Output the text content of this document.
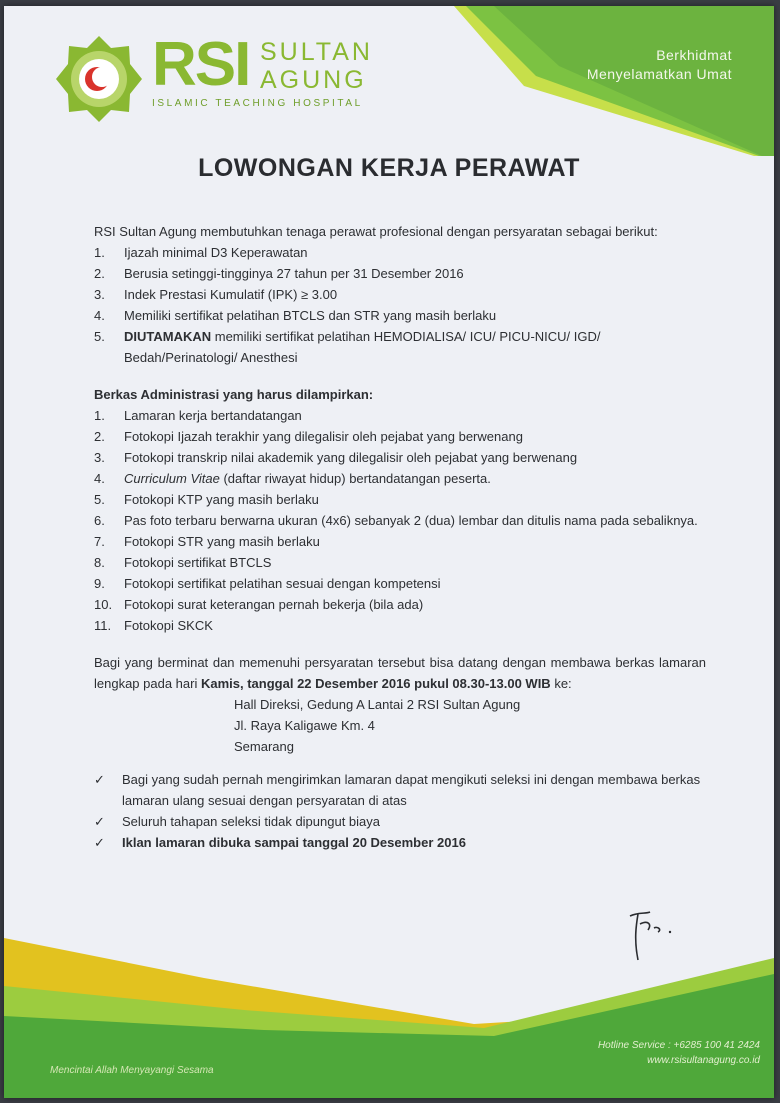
Berkhidmat
Menyelamatkan Umat
RSI SULTAN
AGUNG
ISLAMIC TEACHING HOSPITAL
LOWONGAN KERJA PERAWAT
RSI Sultan Agung membutuhkan tenaga perawat profesional dengan persyaratan sebagai berikut:
1. Ijazah minimal D3 Keperawatan
2. Berusia setinggi-tingginya 27 tahun per 31 Desember 2016
3. Indek Prestasi Kumulatif (IPK) ≥ 3.00
4. Memiliki sertifikat pelatihan BTCLS dan STR yang masih berlaku
5. DIUTAMAKAN memiliki sertifikat pelatihan HEMODIALISA/ ICU/ PICU-NICU/ IGD/ Bedah/Perinatologi/ Anesthesi
Berkas Administrasi yang harus dilampirkan:
1. Lamaran kerja bertandatangan
2. Fotokopi Ijazah terakhir yang dilegalisir oleh pejabat yang berwenang
3. Fotokopi transkrip nilai akademik yang dilegalisir oleh pejabat yang berwenang
4. Curriculum Vitae (daftar riwayat hidup) bertandatangan peserta.
5. Fotokopi KTP yang masih berlaku
6. Pas foto terbaru berwarna ukuran (4x6) sebanyak 2 (dua) lembar dan ditulis nama pada sebaliknya.
7. Fotokopi STR yang masih berlaku
8. Fotokopi sertifikat BTCLS
9. Fotokopi sertifikat pelatihan sesuai dengan kompetensi
10. Fotokopi surat keterangan pernah bekerja (bila ada)
11. Fotokopi SKCK
Bagi yang berminat dan memenuhi persyaratan tersebut bisa datang dengan membawa berkas lamaran lengkap pada hari Kamis, tanggal 22 Desember 2016 pukul 08.30-13.00 WIB ke:
Hall Direksi, Gedung A Lantai 2 RSI Sultan Agung
Jl. Raya Kaligawe Km. 4
Semarang
✓ Bagi yang sudah pernah mengirimkan lamaran dapat mengikuti seleksi ini dengan membawa berkas lamaran ulang sesuai dengan persyaratan di atas
✓ Seluruh tahapan seleksi tidak dipungut biaya
✓ Iklan lamaran dibuka sampai tanggal 20 Desember 2016
Mencintai Allah Menyayangi Sesama
Hotline Service : +6285 100 41 2424
www.rsisultanagung.co.id
